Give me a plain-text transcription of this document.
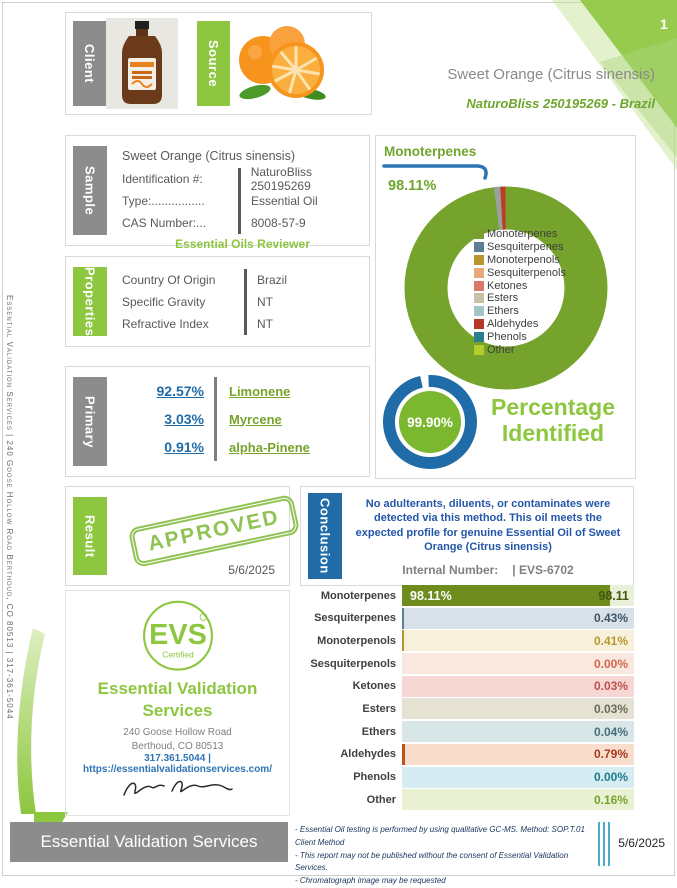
1
Client	Source	Sweet Orange (Citrus sinensis)
NaturoBliss 250195269 - Brazil
Essential Validation Services | 240 Goose Hollow Road Berthoud, CO 80513 | 317-361-5044
Sample
Sweet Orange (Citrus sinensis)
Identification #:	NaturoBliss 250195269
Type:................	Essential Oil
CAS Number:...	8008-57-9
Essential Oils Reviewer
Properties Country Of Origin	Brazil
Specific Gravity	NT
Refractive Index	NT
Primary
92.57% Limonene
3.03% Myrcene
0.91% alpha-Pinene
Monoterpenes
98.11%
Monoterpenes
Sesquiterpenes
Monoterpenols
Sesquiterpenols
Ketones
Esters
Ethers
Aldehydes
Phenols
Other
99.90%
Percentage Identified
Result	APPROVED
5/6/2025	Conclusion	No adulterants, diluents, or contaminates were detected via this method. This oil meets the expected profile for genuine Essential Oil of Sweet Orange (Citrus sinensis)
Internal Number: | EVS-6702
EVS
Certified
Essential Validation
Services
240 Goose Hollow Road
Berthoud, CO 80513
317.361.5044 |
https://essentialvalidationservices.com/
Monoterpenes	98.11%	98.11
Sesquiterpenes	0.43%
Monoterpenols	0.41%
Sesquiterpenols	0.00%
Ketones	0.03%
Esters	0.03%
Ethers	0.04%
Aldehydes	0.79%
Phenols	0.00%
Other	0.16%
Essential Validation Services
- Essential Oil testing is performed by using qualitative GC-MS. Method: SOP.T.01 Client Method
- This report may not be published without the consent of Essential Validation Services.
- Chromatograph image may be requested
5/6/2025
